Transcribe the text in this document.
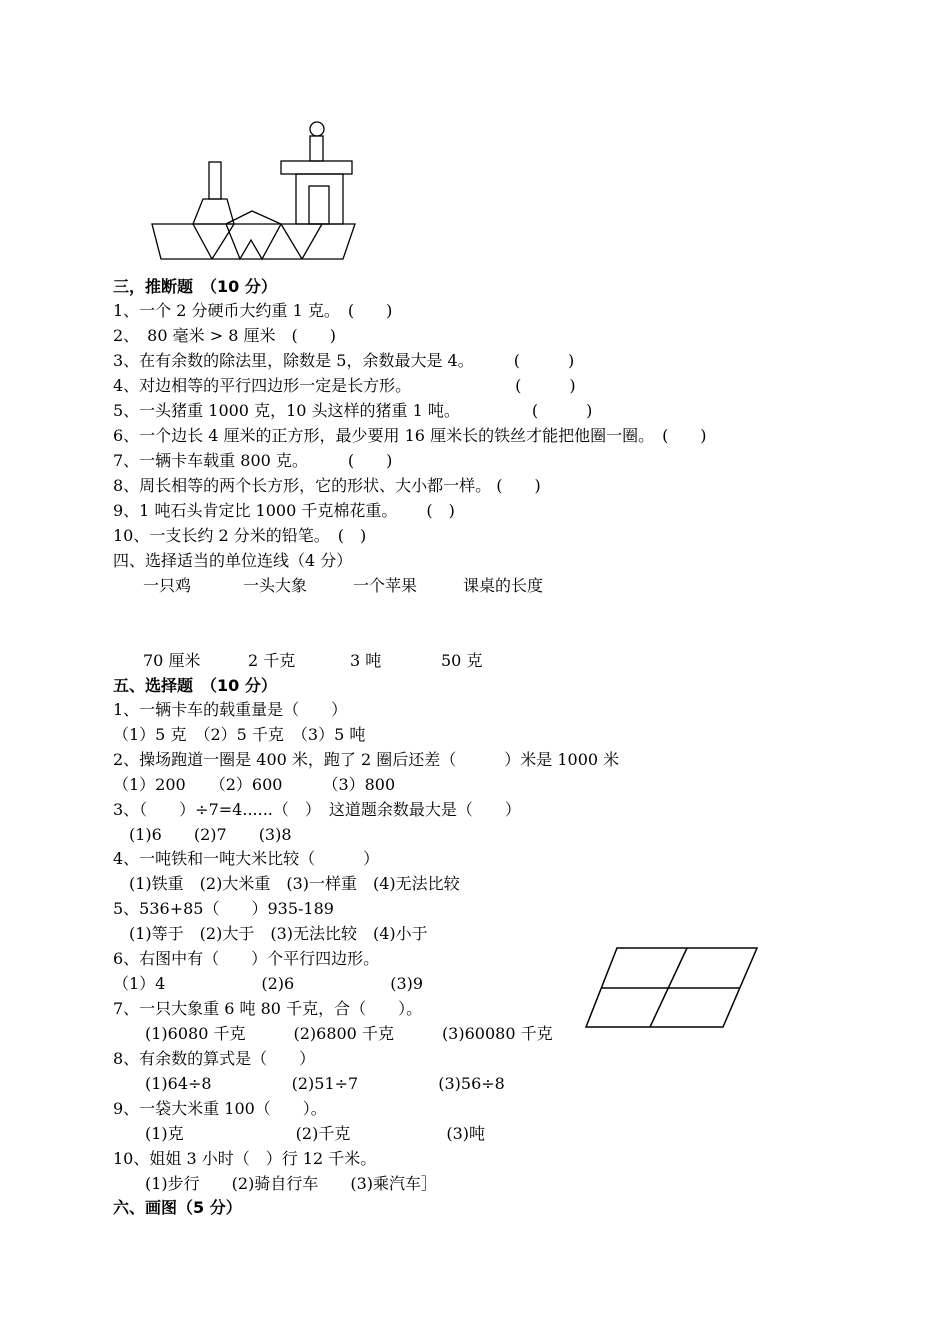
三，推断题　（10 分）
1、一个 2 分硬币大约重 1 克。　(　　)
2、　80 毫米 > 8 厘米　(　　)
3、在有余数的除法里，除数是 5，余数最大是 4。　　　(　　　)
4、对边相等的平行四边形一定是长方形。　　　　　　　(　　　)
5、一头猪重 1000 克，10 头这样的猪重 1 吨。　　　　　(　　　)
6、一个边长 4 厘米的正方形，最少要用 16 厘米长的铁丝才能把他圈一圈。　(　　)
7、一辆卡车载重 800 克。　　　(　　)
8、周长相等的两个长方形，它的形状、大小都一样。 (　　)
9、1 吨石头肯定比 1000 千克棉花重。　　 (　)
10、一支长约 2 分米的铅笔。　(　)
四、选择适当的单位连线（4 分）
一只鸡	一头大象	一个苹果	课桌的长度
70 厘米	2 千克	3 吨	50 克
五、选择题　（10 分）
1、一辆卡车的载重量是（　　）
（1）5 克　（2）5 千克　（3）5 吨
2、操场跑道一圈是 400 米，跑了 2 圈后还差（　　　）米是 1000 米
（1）200　　（2）600　　　（3）800
3、（　　）÷7=4......（　）　这道题余数最大是（　　）
　(1)6　　(2)7　　(3)8
4、一吨铁和一吨大米比较（　　　）
　(1)铁重　(2)大米重　(3)一样重　(4)无法比较
5、536+85（　　）935-189
　(1)等于　(2)大于　(3)无法比较　(4)小于
6、右图中有（　　）个平行四边形。
（1）4　　　　　　(2)6　　　　　　(3)9
7、一只大象重 6 吨 80 千克，合（　　）。
　　(1)6080 千克　　　(2)6800 千克　　　(3)60080 千克
8、有余数的算式是（　　）
　　(1)64÷8　　　　　(2)51÷7　　　　　(3)56÷8
9、一袋大米重 100（　　）。
　　(1)克　　　　　　　(2)千克　　　　　　(3)吨
10、姐姐 3 小时（　）行 12 千米。
　　(1)步行　　(2)骑自行车　　(3)乘汽车］
六、画图（5 分）
